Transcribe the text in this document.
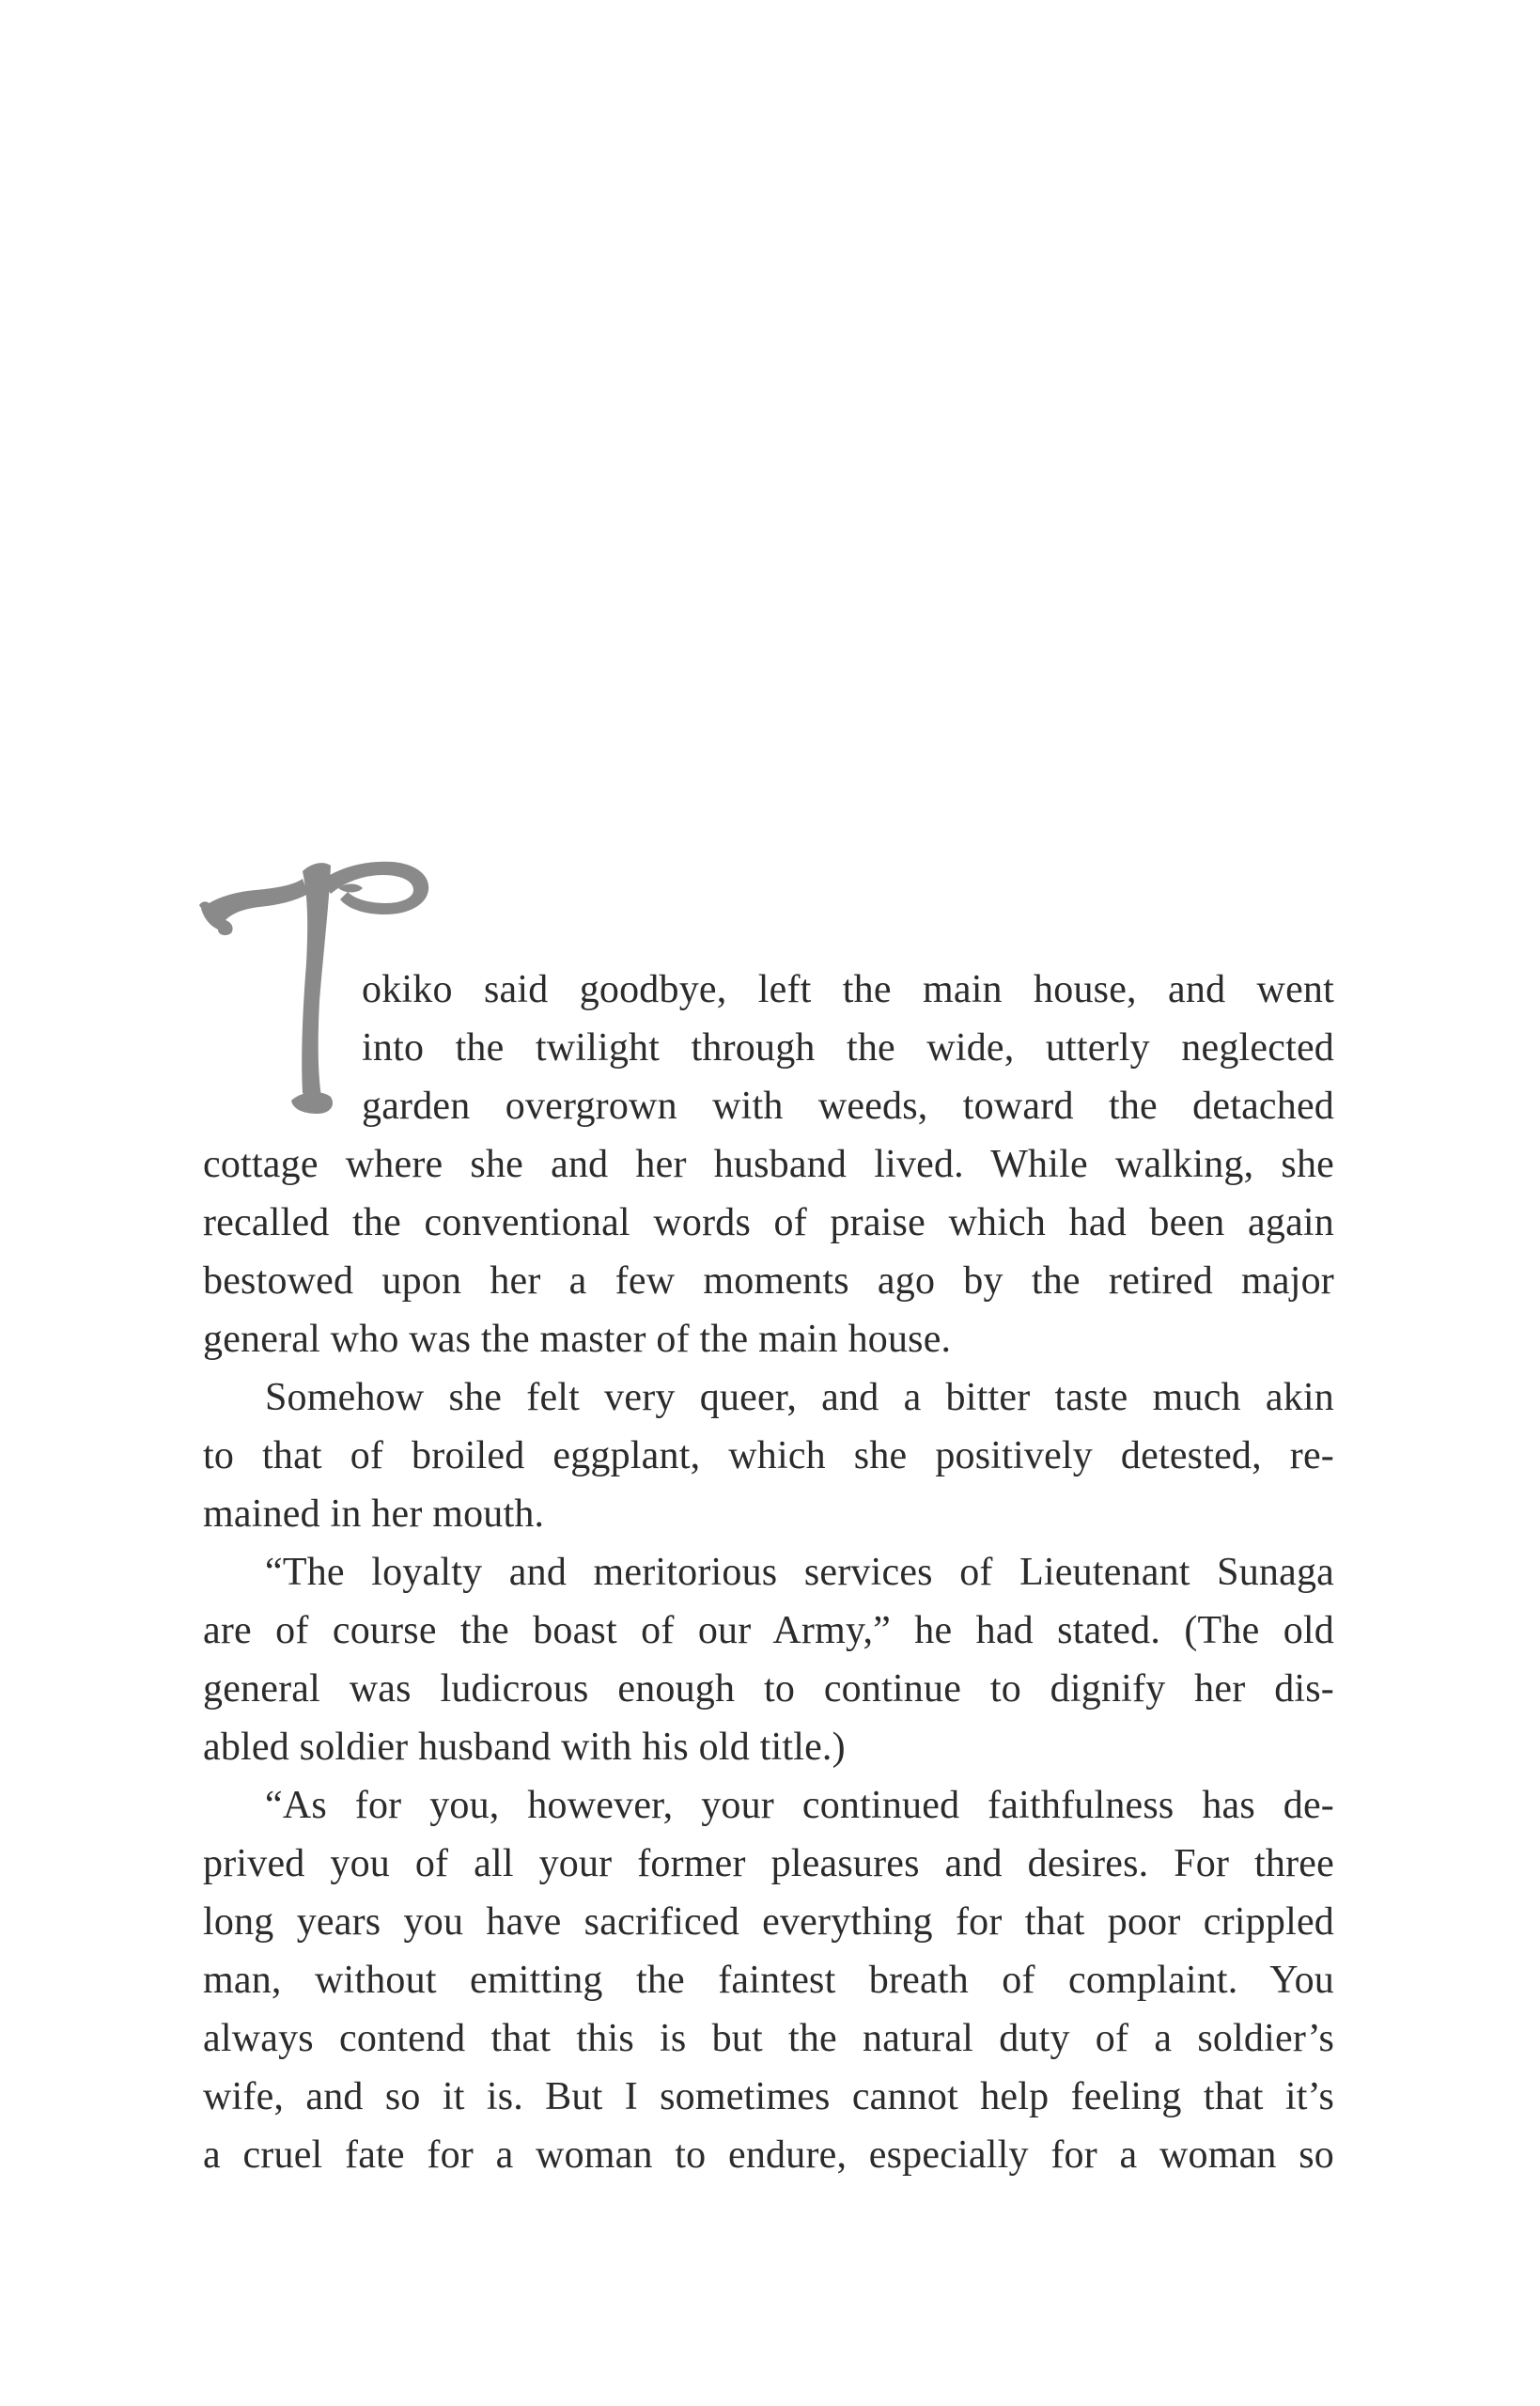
okiko said goodbye, left the main house, and went
into the twilight through the wide, utterly neglected
garden overgrown with weeds, toward the detached
cottage where she and her husband lived. While walking, she
recalled the conventional words of praise which had been again
bestowed upon her a few moments ago by the retired major
general who was the master of the main house.
Somehow she felt very queer, and a bitter taste much akin
to that of broiled eggplant, which she positively detested, re-
mained in her mouth.
“The loyalty and meritorious services of Lieutenant Sunaga
are of course the boast of our Army,” he had stated. (The old
general was ludicrous enough to continue to dignify her dis-
abled soldier husband with his old title.)
“As for you, however, your continued faithfulness has de-
prived you of all your former pleasures and desires. For three
long years you have sacrificed everything for that poor crippled
man, without emitting the faintest breath of complaint. You
always contend that this is but the natural duty of a soldier’s
wife, and so it is. But I sometimes cannot help feeling that it’s
a cruel fate for a woman to endure, especially for a woman so
